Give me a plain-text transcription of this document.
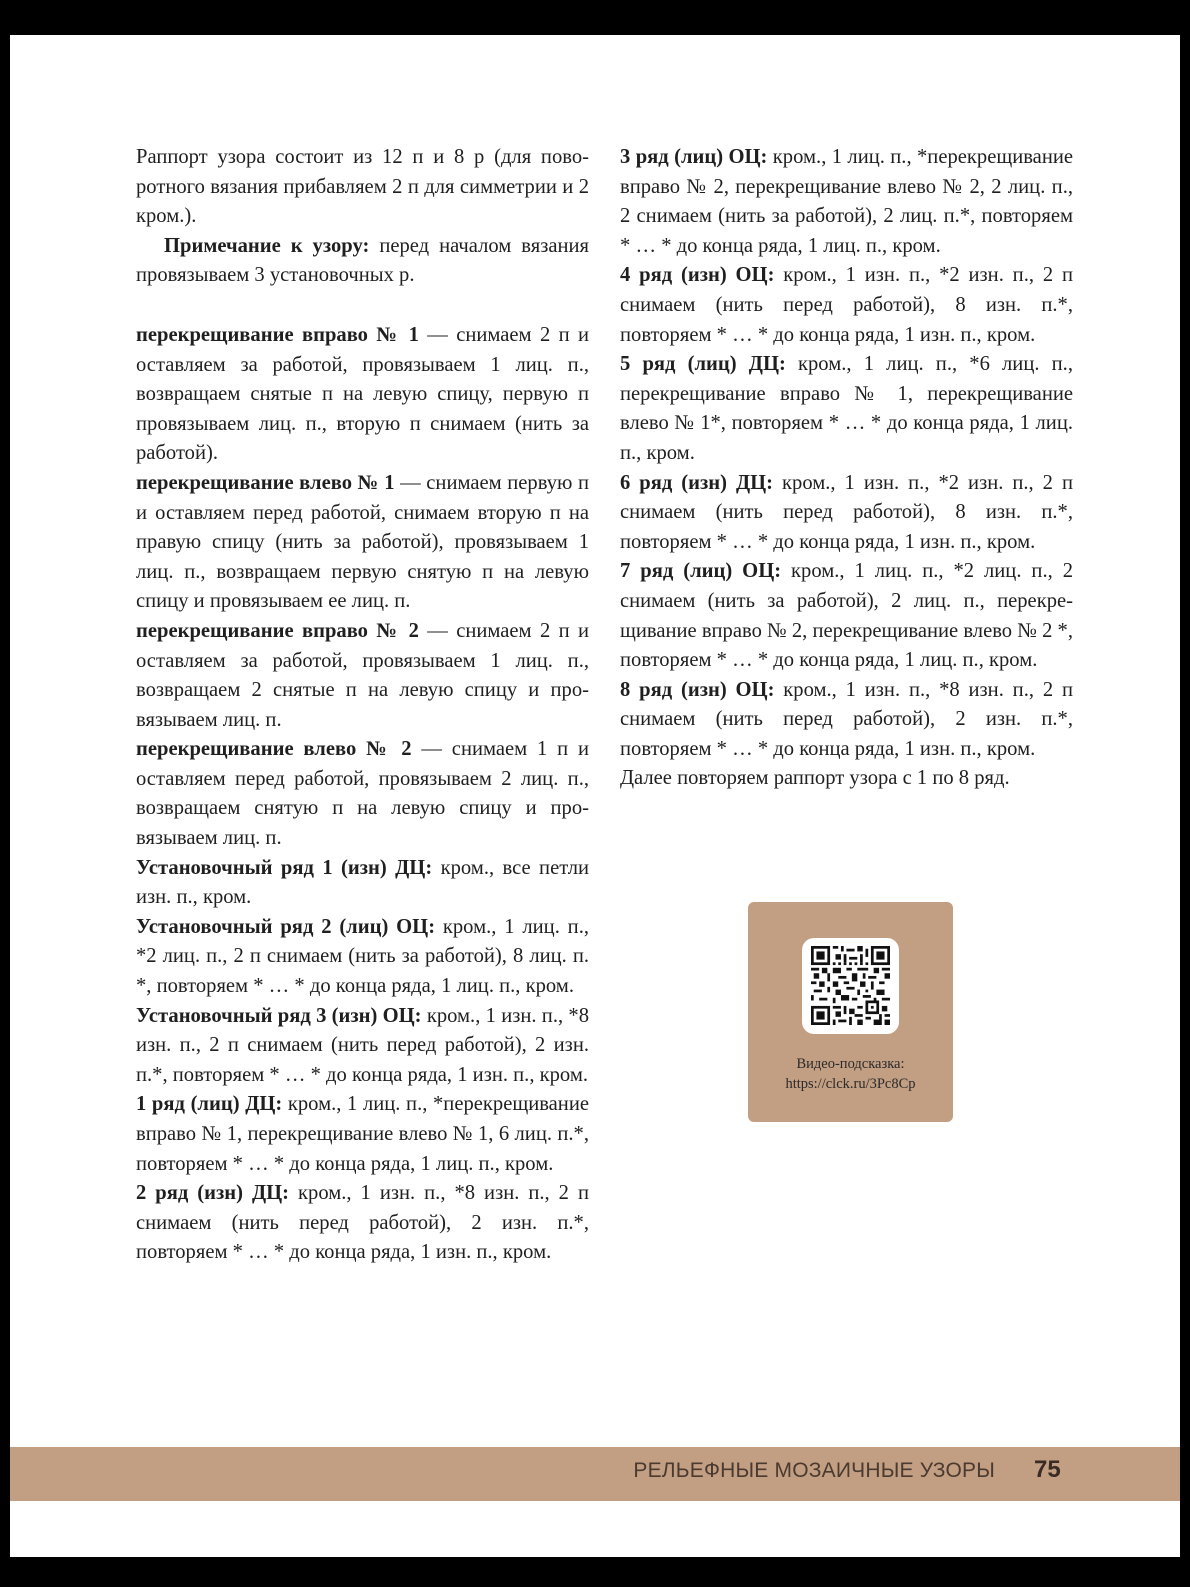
Раппорт узора состоит из 12 п и 8 р (для поворотного вязания прибавляем 2 п для симметрии и 2 кром.).

Примечание к узору: перед началом вязания провязываем 3 установочных р.

перекрещивание вправо № 1 — снимаем 2 п и оставляем за работой, провязываем 1 лиц. п., возвращаем снятые п на левую спицу, первую п провязываем лиц. п., вторую п снимаем (нить за работой).

перекрещивание влево № 1 — снимаем первую п и оставляем перед работой, снимаем вторую п на правую спицу (нить за работой), провязываем 1 лиц. п., возвращаем первую снятую п на левую спицу и провязываем ее лиц. п.

перекрещивание вправо № 2 — снимаем 2 п и оставляем за работой, провязываем 1 лиц. п., возвращаем 2 снятые п на левую спицу и провязываем лиц. п.

перекрещивание влево № 2 — снимаем 1 п и оставляем перед работой, провязываем 2 лиц. п., возвращаем снятую п на левую спицу и провязываем лиц. п.

Установочный ряд 1 (изн) ДЦ: кром., все петли изн. п., кром.

Установочный ряд 2 (лиц) ОЦ: кром., 1 лиц. п., *2 лиц. п., 2 п снимаем (нить за работой), 8 лиц. п. *, повторяем * … * до конца ряда, 1 лиц. п., кром.

Установочный ряд 3 (изн) ОЦ: кром., 1 изн. п., *8 изн. п., 2 п снимаем (нить перед работой), 2 изн. п.*, повторяем * … * до конца ряда, 1 изн. п., кром.

1 ряд (лиц) ДЦ: кром., 1 лиц. п., *перекрещивание вправо № 1, перекрещивание влево № 1, 6 лиц. п.*, повторяем * … * до конца ряда, 1 лиц. п., кром.

2 ряд (изн) ДЦ: кром., 1 изн. п., *8 изн. п., 2 п снимаем (нить перед работой), 2 изн. п.*, повторяем * … * до конца ряда, 1 изн. п., кром.

3 ряд (лиц) ОЦ: кром., 1 лиц. п., *перекрещивание вправо № 2, перекрещивание влево № 2, 2 лиц. п., 2 снимаем (нить за работой), 2 лиц. п.*, повторяем * … * до конца ряда, 1 лиц. п., кром.

4 ряд (изн) ОЦ: кром., 1 изн. п., *2 изн. п., 2 п снимаем (нить перед работой), 8 изн. п.*, повторяем * … * до конца ряда, 1 изн. п., кром.

5 ряд (лиц) ДЦ: кром., 1 лиц. п., *6 лиц. п., перекрещивание вправо № 1, перекрещивание влево № 1*, повторяем * … * до конца ряда, 1 лиц. п., кром.

6 ряд (изн) ДЦ: кром., 1 изн. п., *2 изн. п., 2 п снимаем (нить перед работой), 8 изн. п.*, повторяем * … * до конца ряда, 1 изн. п., кром.

7 ряд (лиц) ОЦ: кром., 1 лиц. п., *2 лиц. п., 2 снимаем (нить за работой), 2 лиц. п., перекрещивание вправо № 2, перекрещивание влево № 2 *, повторяем * … * до конца ряда, 1 лиц. п., кром.

8 ряд (изн) ОЦ: кром., 1 изн. п., *8 изн. п., 2 п снимаем (нить перед работой), 2 изн. п.*, повторяем * … * до конца ряда, 1 изн. п., кром.

Далее повторяем раппорт узора с 1 по 8 ряд.

Видео-подсказка:
https://clck.ru/3Pc8Cp
РЕЛЬЕФНЫЕ МОЗАИЧНЫЕ УЗОРЫ 75
